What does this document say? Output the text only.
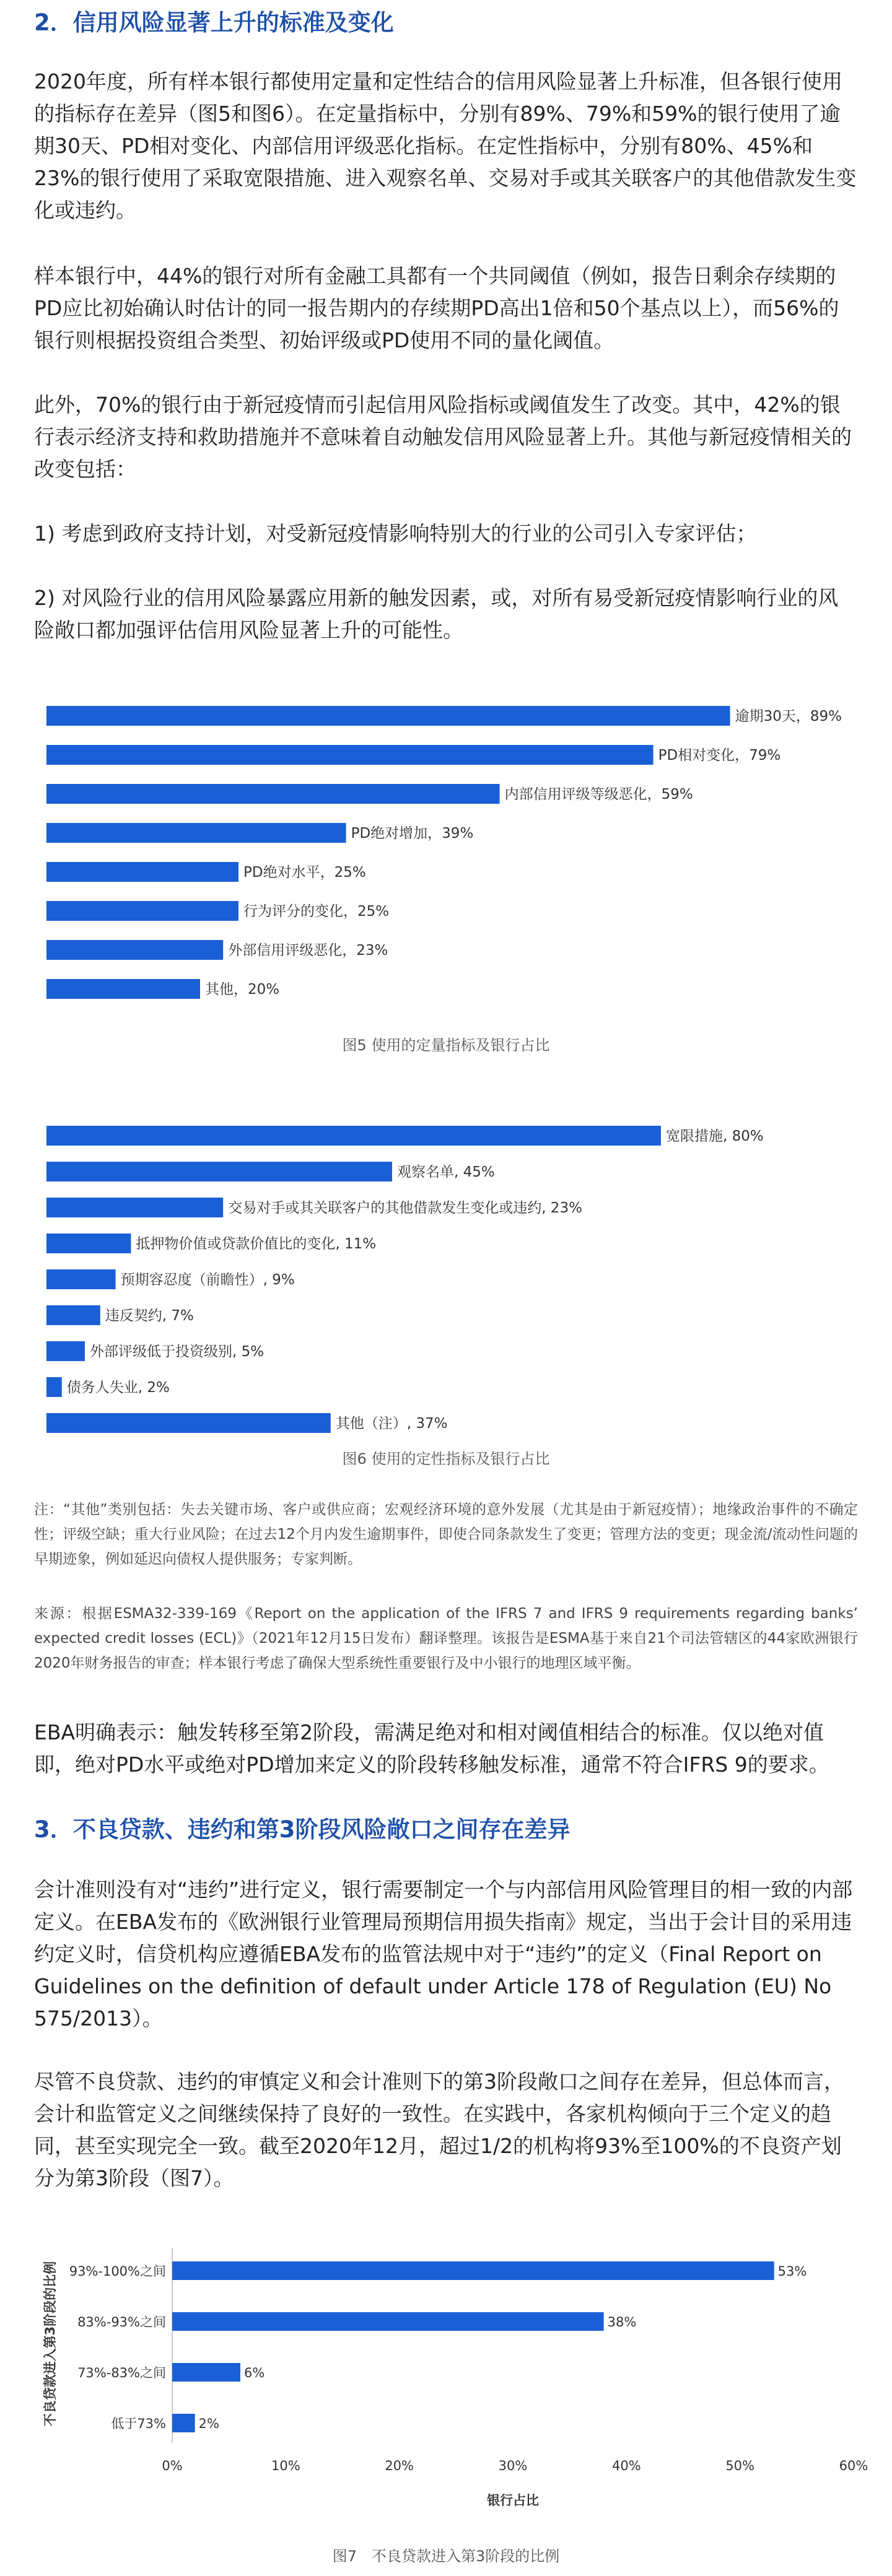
2．信用风险显著上升的标准及变化

2020年度，所有样本银行都使用定量和定性结合的信用风险显著上升标准，但各银行使用的指标存在差异（图5和图6）。在定量指标中，分别有89%、79%和59%的银行使用了逾期30天、PD相对变化、内部信用评级恶化指标。在定性指标中，分别有80%、45%和23%的银行使用了采取宽限措施、进入观察名单、交易对手或其关联客户的其他借款发生变化或违约。

样本银行中，44%的银行对所有金融工具都有一个共同阈值（例如，报告日剩余存续期的PD应比初始确认时估计的同一报告期内的存续期PD高出1倍和50个基点以上），而56%的银行则根据投资组合类型、初始评级或PD使用不同的量化阈值。

此外，70%的银行由于新冠疫情而引起信用风险指标或阈值发生了改变。其中，42%的银行表示经济支持和救助措施并不意味着自动触发信用风险显著上升。其他与新冠疫情相关的改变包括：

1) 考虑到政府支持计划，对受新冠疫情影响特别大的行业的公司引入专家评估；

2) 对风险行业的信用风险暴露应用新的触发因素，或，对所有易受新冠疫情影响行业的风险敞口都加强评估信用风险显著上升的可能性。

逾期30天，89%
PD相对变化，79%
内部信用评级等级恶化，59%
PD绝对增加，39%
PD绝对水平，25%
行为评分的变化，25%
外部信用评级恶化，23%
其他，20%
图5 使用的定量指标及银行占比
宽限措施, 80%
观察名单, 45%
交易对手或其关联客户的其他借款发生变化或违约, 23%
抵押物价值或贷款价值比的变化, 11%
预期容忍度（前瞻性）, 9%
违反契约, 7%
外部评级低于投资级别, 5%
债务人失业, 2%
其他（注）, 37%
图6 使用的定性指标及银行占比

注：“其他”类别包括：失去关键市场、客户或供应商；宏观经济环境的意外发展（尤其是由于新冠疫情）；地缘政治事件的不确定性；评级空缺；重大行业风险；在过去12个月内发生逾期事件，即使合同条款发生了变更；管理方法的变更；现金流/流动性问题的早期迹象，例如延迟向债权人提供服务；专家判断。

来源：根据ESMA32-339-169《Report on the application of the IFRS 7 and IFRS 9 requirements regarding banks’ expected credit losses (ECL)》（2021年12月15日发布）翻译整理。该报告是ESMA基于来自21个司法管辖区的44家欧洲银行2020年财务报告的审查；样本银行考虑了确保大型系统性重要银行及中小银行的地理区域平衡。

EBA明确表示：触发转移至第2阶段，需满足绝对和相对阈值相结合的标准。仅以绝对值即，绝对PD水平或绝对PD增加来定义的阶段转移触发标准，通常不符合IFRS 9的要求。

3．不良贷款、违约和第3阶段风险敞口之间存在差异

会计准则没有对“违约”进行定义，银行需要制定一个与内部信用风险管理目的相一致的内部定义。在EBA发布的《欧洲银行业管理局预期信用损失指南》规定，当出于会计目的采用违约定义时，信贷机构应遵循EBA发布的监管法规中对于“违约”的定义（Final Report on Guidelines on the definition of default under Article 178 of Regulation (EU) No 575/2013）。

尽管不良贷款、违约的审慎定义和会计准则下的第3阶段敞口之间存在差异，但总体而言，会计和监管定义之间继续保持了良好的一致性。在实践中，各家机构倾向于三个定义的趋同，甚至实现完全一致。截至2020年12月，超过1/2的机构将93%至100%的不良资产划分为第3阶段（图7）。

不良贷款进入第3阶段的比例 93%-100%之间	53%
83%-93%之间	38%
73%-83%之间	6%
低于73%	2%
0%	10%	20%	30%	40%	50%	60%
银行占比
图7　不良贷款进入第3阶段的比例
